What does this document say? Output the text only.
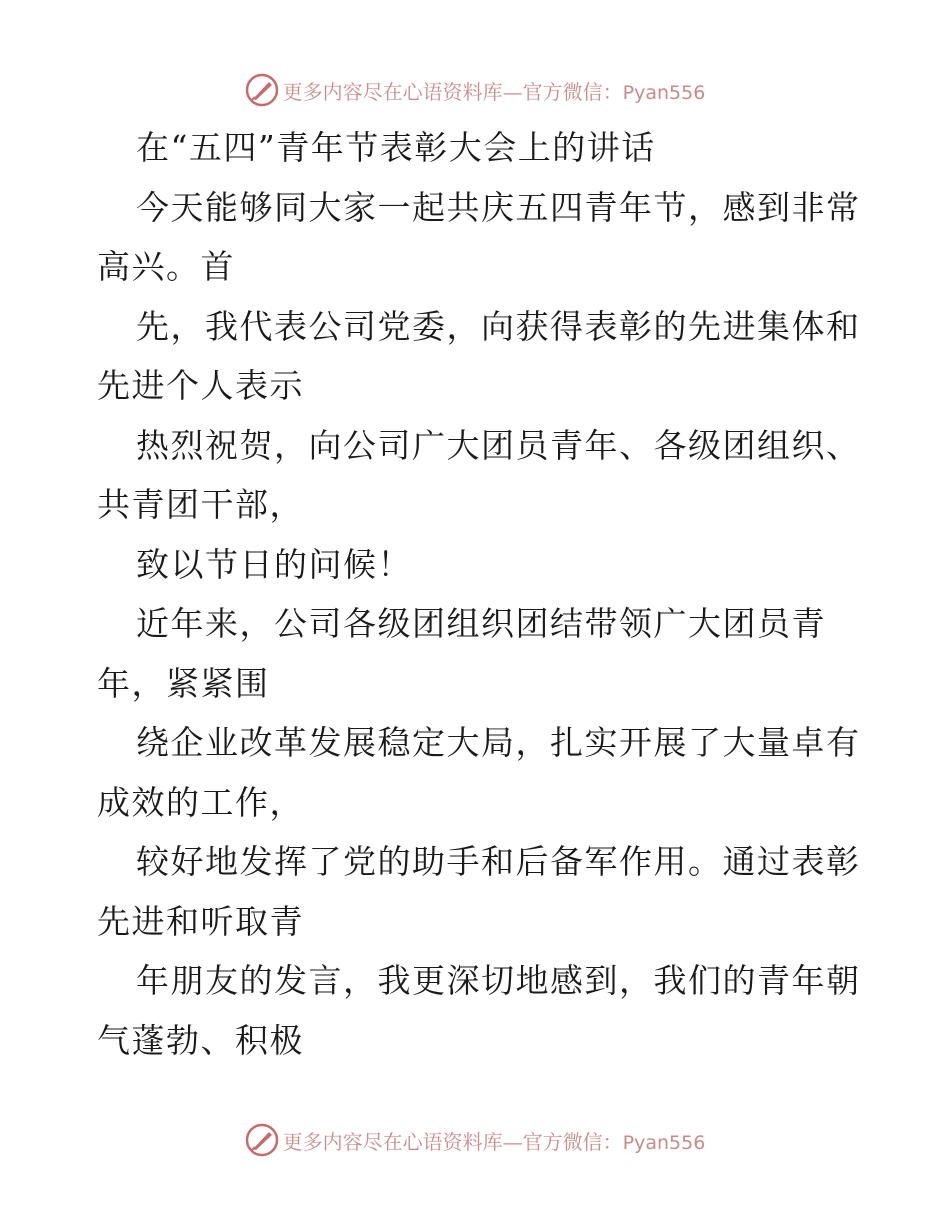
更多内容尽在心语资料库—官方微信：Pyan556
在“五四”青年节表彰大会上的讲话
今天能够同大家一起共庆五四青年节，感到非常
高兴。首
先，我代表公司党委，向获得表彰的先进集体和
先进个人表示
热烈祝贺，向公司广大团员青年、各级团组织、
共青团干部，
致以节日的问候！
近年来，公司各级团组织团结带领广大团员青
年，紧紧围
绕企业改革发展稳定大局，扎实开展了大量卓有
成效的工作，
较好地发挥了党的助手和后备军作用。通过表彰
先进和听取青
年朋友的发言，我更深切地感到，我们的青年朝
气蓬勃、积极
更多内容尽在心语资料库—官方微信：Pyan556
